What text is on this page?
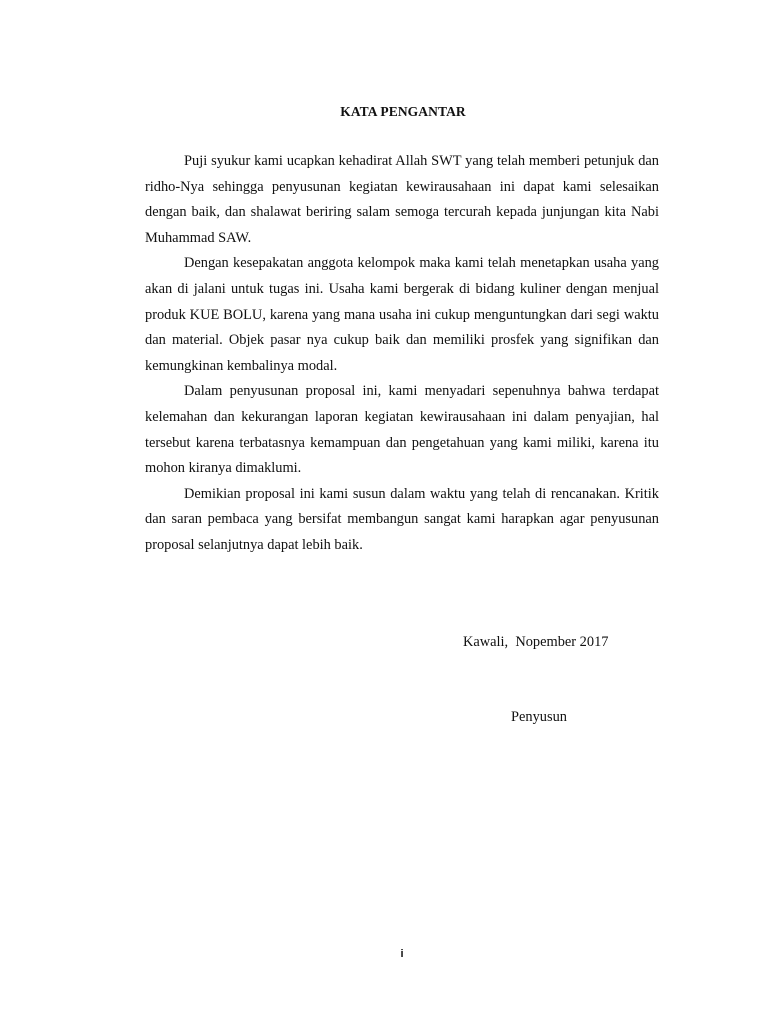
KATA PENGANTAR

Puji syukur kami ucapkan kehadirat Allah SWT yang telah memberi petunjuk dan ridho-Nya sehingga penyusunan kegiatan kewirausahaan ini dapat kami selesaikan dengan baik, dan shalawat beriring salam semoga tercurah kepada junjungan kita Nabi Muhammad SAW.

Dengan kesepakatan anggota kelompok maka kami telah menetapkan usaha yang akan di jalani untuk tugas ini. Usaha kami bergerak di bidang kuliner dengan menjual produk KUE BOLU, karena yang mana usaha ini cukup menguntungkan dari segi waktu dan material. Objek pasar nya cukup baik dan memiliki prosfek yang signifikan dan kemungkinan kembalinya modal.

Dalam penyusunan proposal ini, kami menyadari sepenuhnya bahwa terdapat kelemahan dan kekurangan laporan kegiatan kewirausahaan ini dalam penyajian, hal tersebut karena terbatasnya kemampuan dan pengetahuan yang kami miliki, karena itu mohon kiranya dimaklumi.

Demikian proposal ini kami susun dalam waktu yang telah di rencanakan. Kritik dan saran pembaca yang bersifat membangun sangat kami harapkan agar penyusunan proposal selanjutnya dapat lebih baik.

Kawali,  Nopember 2017

Penyusun

i
